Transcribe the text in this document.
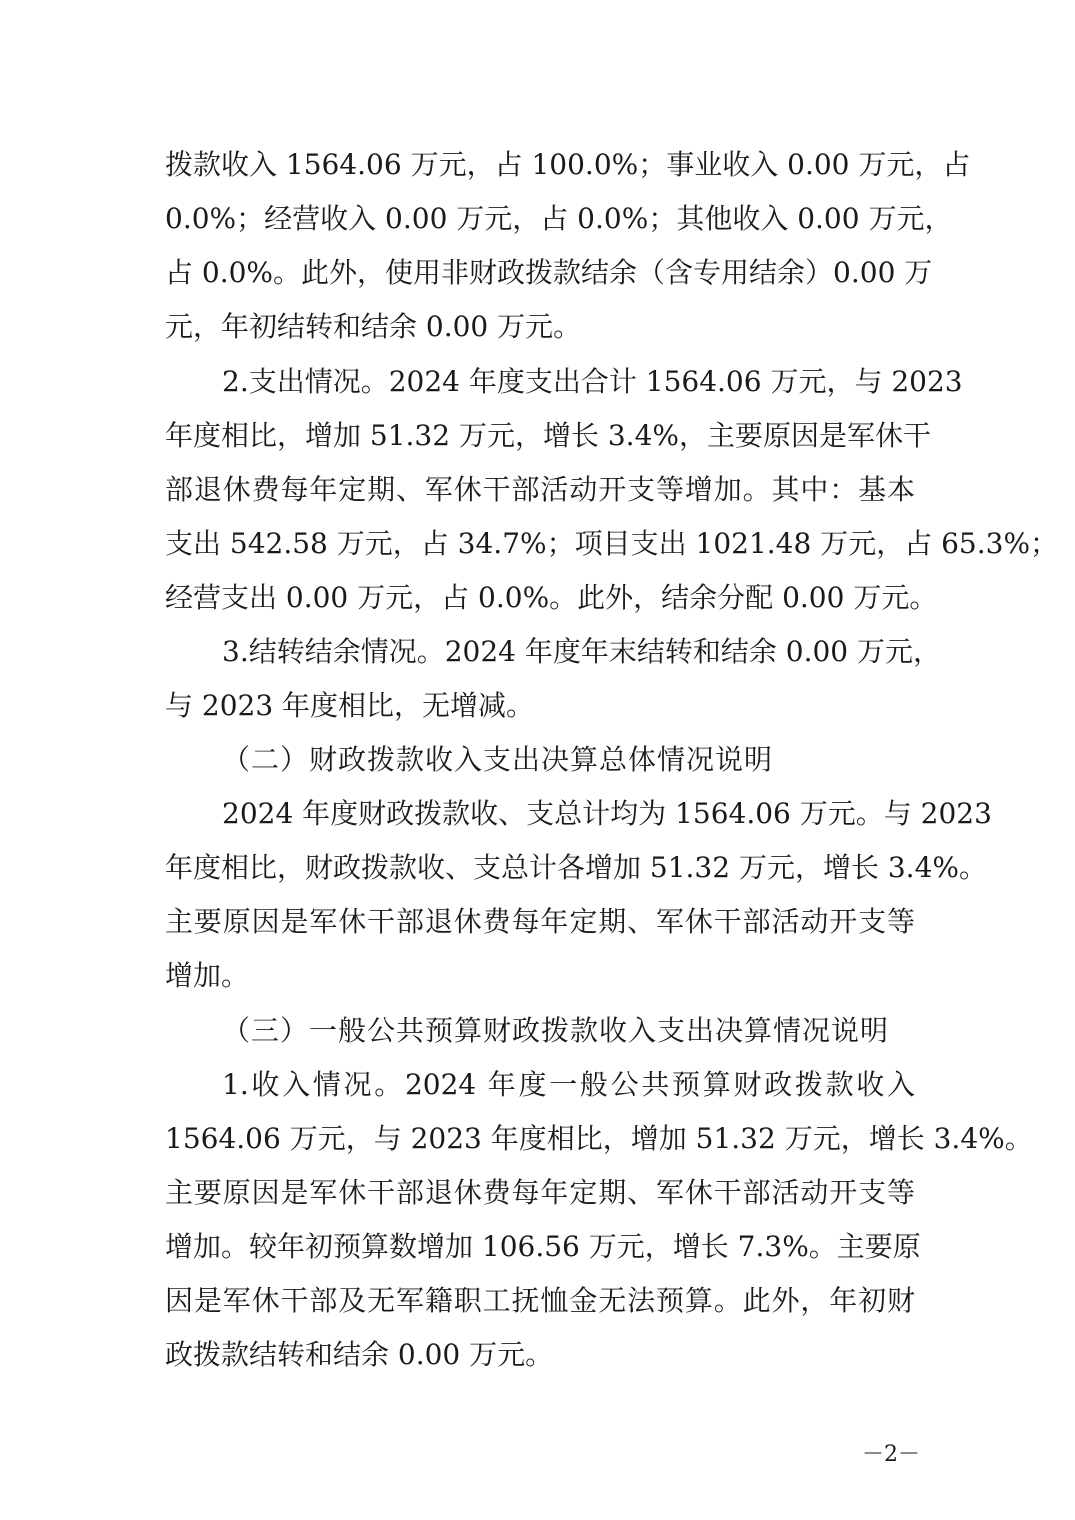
拨款收入 1564.06 万元，占 100.0%；事业收入 0.00 万元，占
0.0%；经营收入 0.00 万元，占 0.0%；其他收入 0.00 万元，
占 0.0%。此外，使用非财政拨款结余（含专用结余）0.00 万
元，年初结转和结余 0.00 万元。
2.支出情况。2024 年度支出合计 1564.06 万元，与 2023
年度相比，增加 51.32 万元，增长 3.4%，主要原因是军休干
部退休费每年定期、军休干部活动开支等增加。其中：基本
支出 542.58 万元，占 34.7%；项目支出 1021.48 万元，占 65.3%；
经营支出 0.00 万元，占 0.0%。此外，结余分配 0.00 万元。
3.结转结余情况。2024 年度年末结转和结余 0.00 万元，
与 2023 年度相比，无增减。
（二）财政拨款收入支出决算总体情况说明
2024 年度财政拨款收、支总计均为 1564.06 万元。与 2023
年度相比，财政拨款收、支总计各增加 51.32 万元，增长 3.4%。
主要原因是军休干部退休费每年定期、军休干部活动开支等
增加。
（三）一般公共预算财政拨款收入支出决算情况说明
1.收入情况。2024 年度一般公共预算财政拨款收入
1564.06 万元，与 2023 年度相比，增加 51.32 万元，增长 3.4%。
主要原因是军休干部退休费每年定期、军休干部活动开支等
增加。较年初预算数增加 106.56 万元，增长 7.3%。主要原
因是军休干部及无军籍职工抚恤金无法预算。此外，年初财
政拨款结转和结余 0.00 万元。
－2－
